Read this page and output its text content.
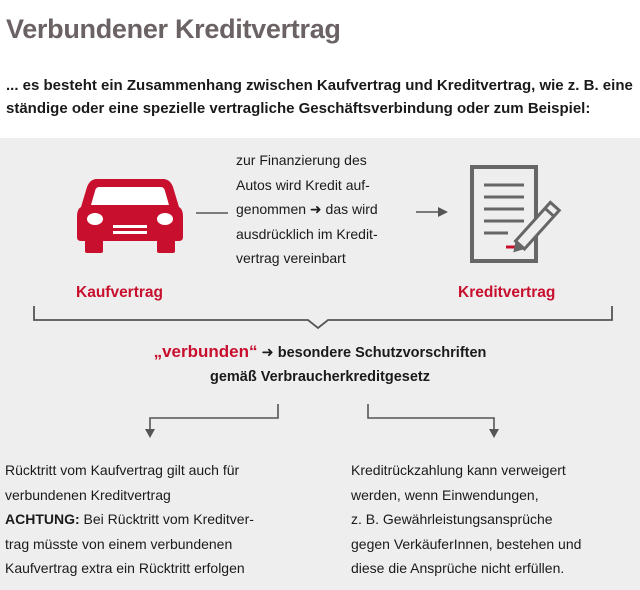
Verbundener Kreditvertrag
... es besteht ein Zusammenhang zwischen Kaufvertrag und Kreditvertrag, wie z. B. eine
ständige oder eine spezielle vertragliche Geschäftsverbindung oder zum Beispiel:
zur Finanzierung des
Autos wird Kredit auf-
genommen ➜ das wird
ausdrücklich im Kredit-
vertrag vereinbart
Kaufvertrag	Kreditvertrag
„verbunden“ ➜ besondere Schutzvorschriften
gemäß Verbraucherkreditgesetz
Rücktritt vom Kaufvertrag gilt auch für
verbundenen Kreditvertrag
ACHTUNG: Bei Rücktritt vom Kreditver-
trag müsste von einem verbundenen
Kaufvertrag extra ein Rücktritt erfolgen
Kreditrückzahlung kann verweigert
werden, wenn Einwendungen,
z. B. Gewährleistungsansprüche
gegen VerkäuferInnen, bestehen und
diese die Ansprüche nicht erfüllen.
